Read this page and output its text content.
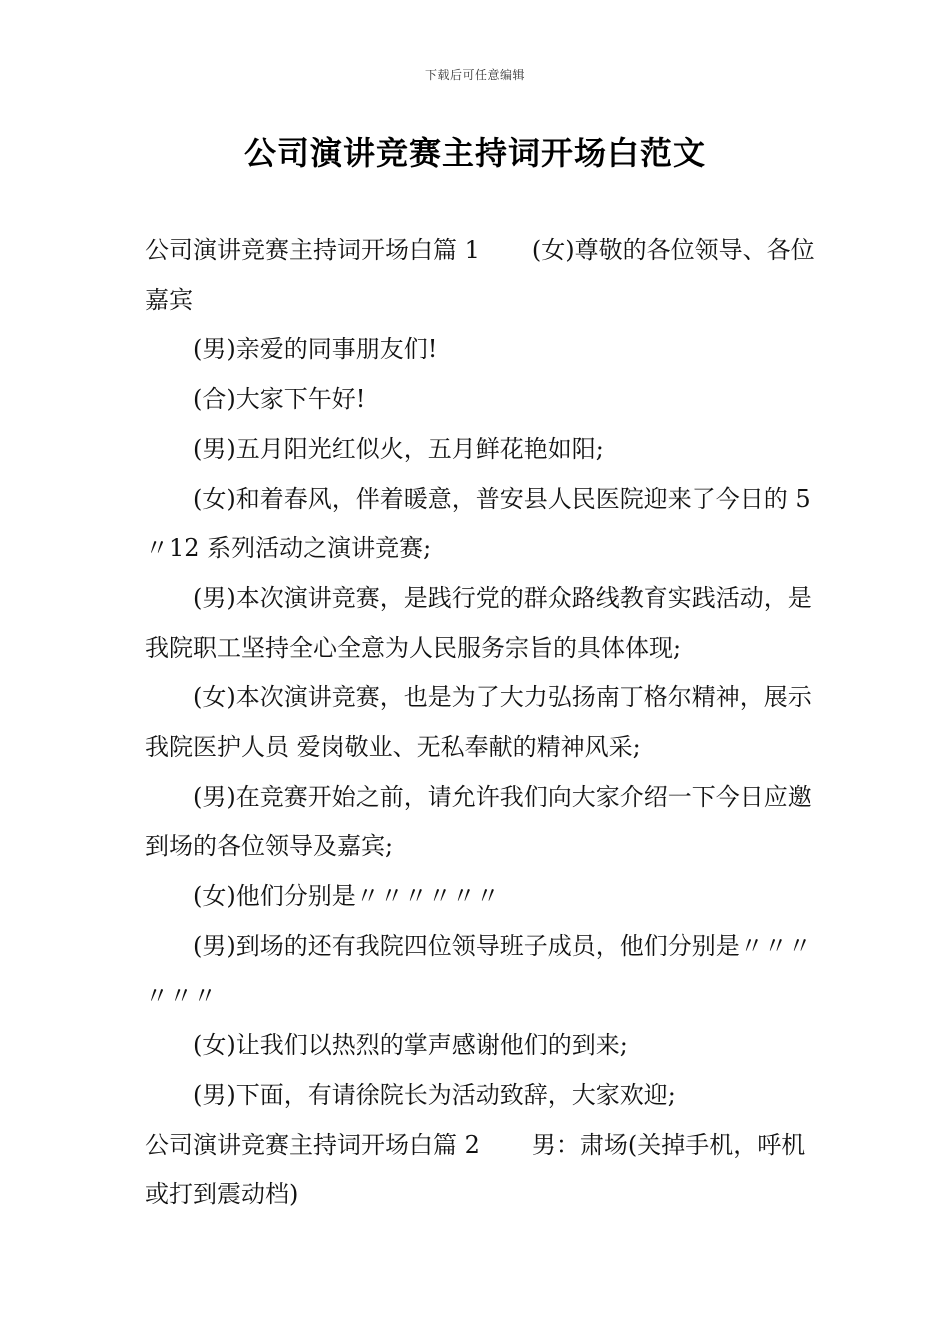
下载后可任意编辑
公司演讲竞赛主持词开场白范文

公司演讲竞赛主持词开场白篇 1 (女)尊敬的各位领导、各位嘉宾

(男)亲爱的同事朋友们!

(合)大家下午好!

(男)五月阳光红似火，五月鲜花艳如阳;

(女)和着春风，伴着暖意，普安县人民医院迎来了今日的 5〃12 系列活动之演讲竞赛;

(男)本次演讲竞赛，是践行党的群众路线教育实践活动，是我院职工坚持全心全意为人民服务宗旨的具体体现;

(女)本次演讲竞赛，也是为了大力弘扬南丁格尔精神，展示我院医护人员 爱岗敬业、无私奉献的精神风采;

(男)在竞赛开始之前，请允许我们向大家介绍一下今日应邀到场的各位领导及嘉宾;

(女)他们分别是〃〃〃〃〃〃

(男)到场的还有我院四位领导班子成员，他们分别是〃〃〃〃〃〃

(女)让我们以热烈的掌声感谢他们的到来;

(男)下面，有请徐院长为活动致辞，大家欢迎;

公司演讲竞赛主持词开场白篇 2 男：肃场(关掉手机，呼机或打到震动档)
